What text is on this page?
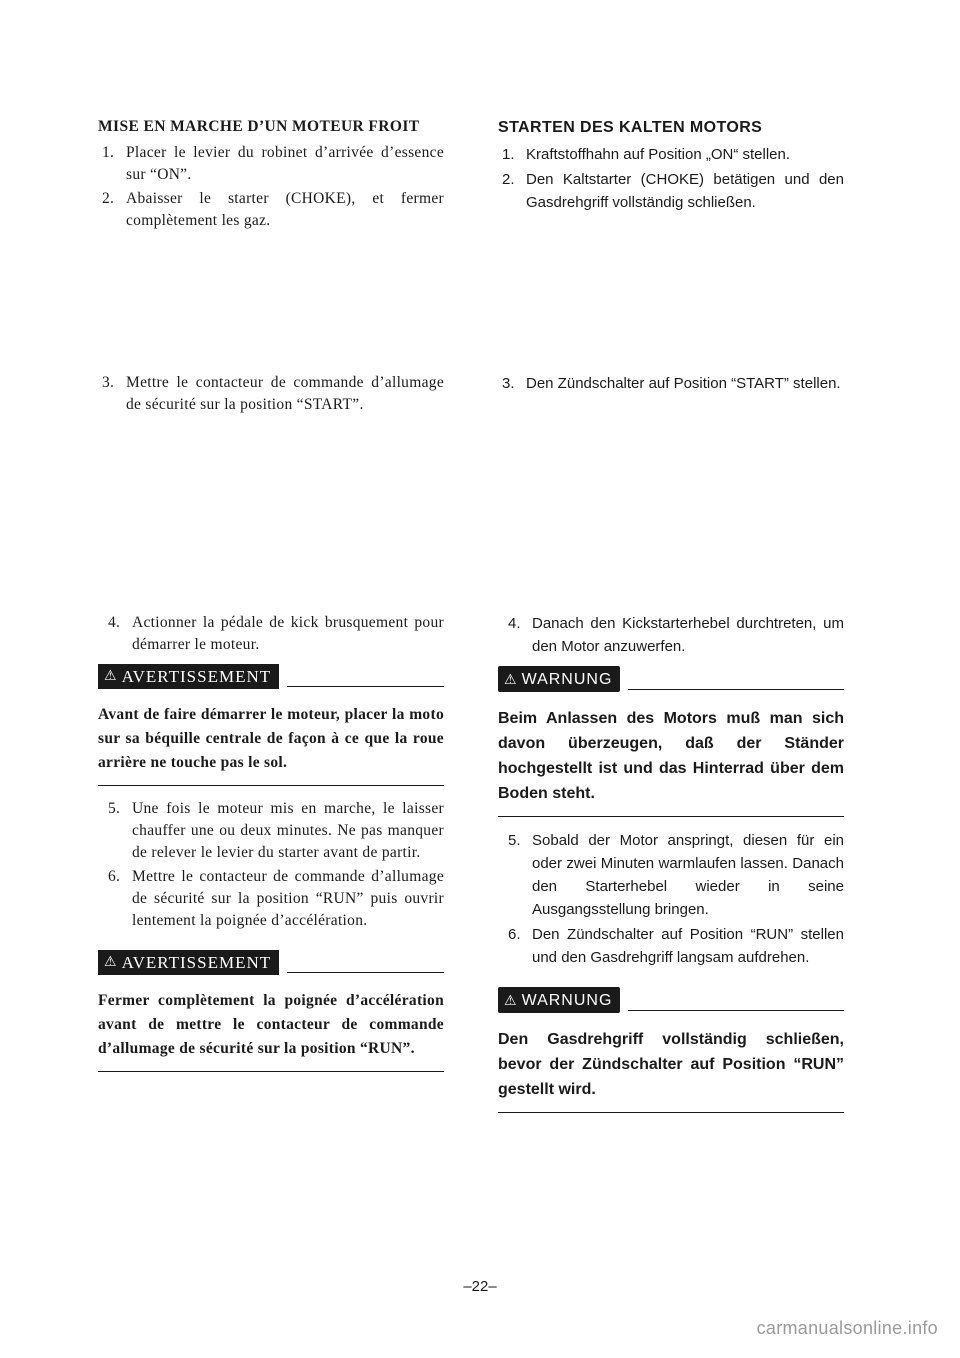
MISE EN MARCHE D’UN MOTEUR FROIT
1. Placer le levier du robinet d’arrivée d’essence sur “ON”.
2. Abaisser le starter (CHOKE), et fermer complètement les gaz.
3. Mettre le contacteur de commande d’allumage de sécurité sur la position “START”.
4. Actionner la pédale de kick brusquement pour démarrer le moteur.
⚠ AVERTISSEMENT
Avant de faire démarrer le moteur, placer la moto sur sa béquille centrale de façon à ce que la roue arrière ne touche pas le sol.
5. Une fois le moteur mis en marche, le laisser chauffer une ou deux minutes. Ne pas manquer de relever le levier du starter avant de partir.
6. Mettre le contacteur de commande d’allumage de sécurité sur la position “RUN” puis ouvrir lentement la poignée d’accélération.
⚠ AVERTISSEMENT
Fermer complètement la poignée d’accélération avant de mettre le contacteur de commande d’allumage de sécurité sur la position “RUN”.
STARTEN DES KALTEN MOTORS
1. Kraftstoffhahn auf Position „ON“ stellen.
2. Den Kaltstarter (CHOKE) betätigen und den Gasdrehgriff vollständig schließen.
3. Den Zündschalter auf Position “START” stellen.
4. Danach den Kickstarterhebel durchtreten, um den Motor anzuwerfen.
⚠ WARNUNG
Beim Anlassen des Motors muß man sich davon überzeugen, daß der Ständer hochgestellt ist und das Hinterrad über dem Boden steht.
5. Sobald der Motor anspringt, diesen für ein oder zwei Minuten warmlaufen lassen. Danach den Starterhebel wieder in seine Ausgangsstellung bringen.
6. Den Zündschalter auf Position “RUN” stellen und den Gasdrehgriff langsam aufdrehen.
⚠ WARNUNG
Den Gasdrehgriff vollständig schließen, bevor der Zündschalter auf Position “RUN” gestellt wird.
–22–
carmanualsonline.info
